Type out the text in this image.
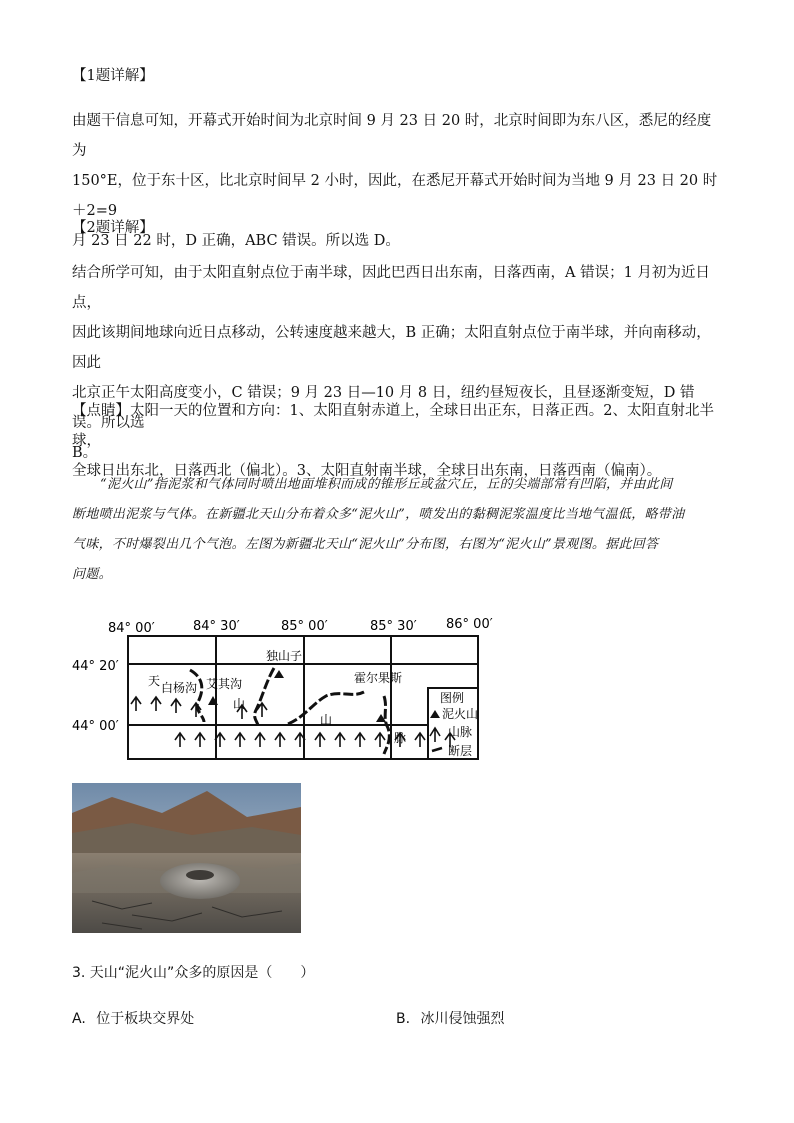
【1题详解】

由题干信息可知，开幕式开始时间为北京时间 9 月 23 日 20 时，北京时间即为东八区，悉尼的经度为

150°E，位于东十区，比北京时间早 2 小时，因此，在悉尼开幕式开始时间为当地 9 月 23 日 20 时＋2=9

月 23 日 22 时，D 正确，ABC 错误。所以选 D。

【2题详解】

结合所学可知，由于太阳直射点位于南半球，因此巴西日出东南，日落西南，A 错误；1 月初为近日点，

因此该期间地球向近日点移动，公转速度越来越大，B 正确；太阳直射点位于南半球，并向南移动，因此

北京正午太阳高度变小，C 错误；9 月 23 日—10 月 8 日，纽约昼短夜长，且昼逐渐变短，D 错误。所以选

B。

【点睛】太阳一天的位置和方向：1、太阳直射赤道上，全球日出正东，日落正西。2、太阳直射北半球，

全球日出东北，日落西北（偏北）。3、太阳直射南半球，全球日出东南，日落西南（偏南）。

“泥火山”指泥浆和气体同时喷出地面堆积而成的锥形丘或盆穴丘，丘的尖端部常有凹陷，并由此间
断地喷出泥浆与气体。在新疆北天山分布着众多“泥火山”，喷发出的黏稠泥浆温度比当地气温低，略带油
气味，不时爆裂出几个气泡。左图为新疆北天山“泥火山”分布图，右图为“泥火山”景观图。据此回答
问题。
84° 00′	84° 30′	85° 00′	85° 30′ 86° 00′
44° 20′
44° 00′
图例
泥火山
山脉
断层
独山子
霍尔果斯
白杨沟 艾其沟
天
山
山
脉
3. 天山“泥火山”众多的原因是（　　）
A. 位于板块交界处	B. 冰川侵蚀强烈
